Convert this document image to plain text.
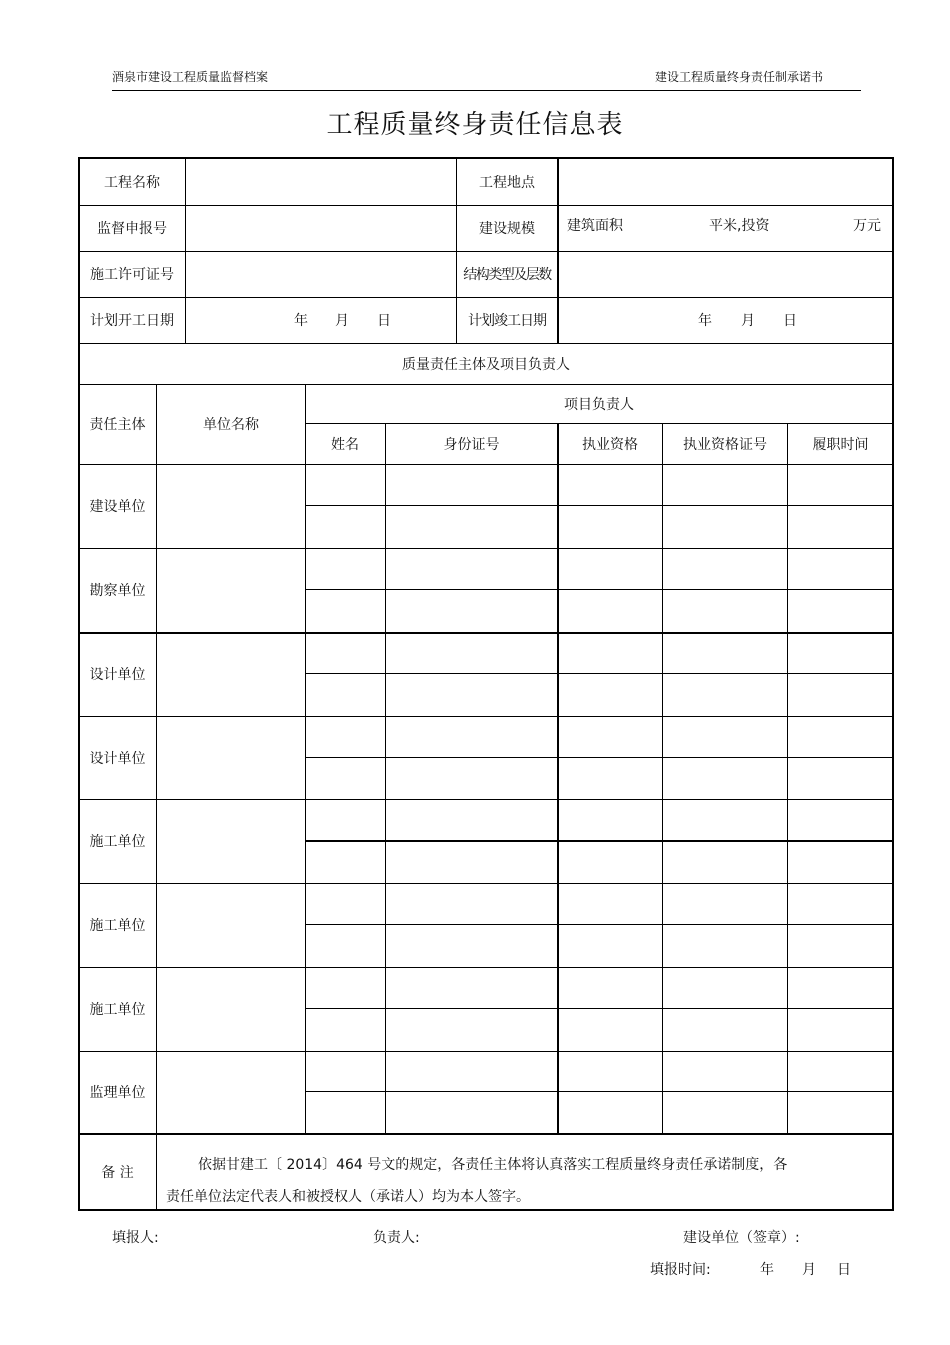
酒泉市建设工程质量监督档案	建设工程质量终身责任制承诺书
工程质量终身责任信息表
工程名称	工程地点
监督申报号	建设规模	建筑面积	平米,投资	万元
施工许可证号	结构类型及层数
计划开工日期	年 月 日	计划竣工日期	年 月 日
质量责任主体及项目负责人
责任主体	单位名称
项目负责人
姓名	身份证号	执业资格	执业资格证号	履职时间
建设单位
勘察单位
设计单位
设计单位
施工单位
施工单位
施工单位
监理单位
备 注	依据甘建工〔 2014〕464 号文的规定，各责任主体将认真落实工程质量终身责任承诺制度，各
责任单位法定代表人和被授权人（承诺人）均为本人签字。
填报人:	负责人:	建设单位（签章）:
填报时间:	年 月 日
